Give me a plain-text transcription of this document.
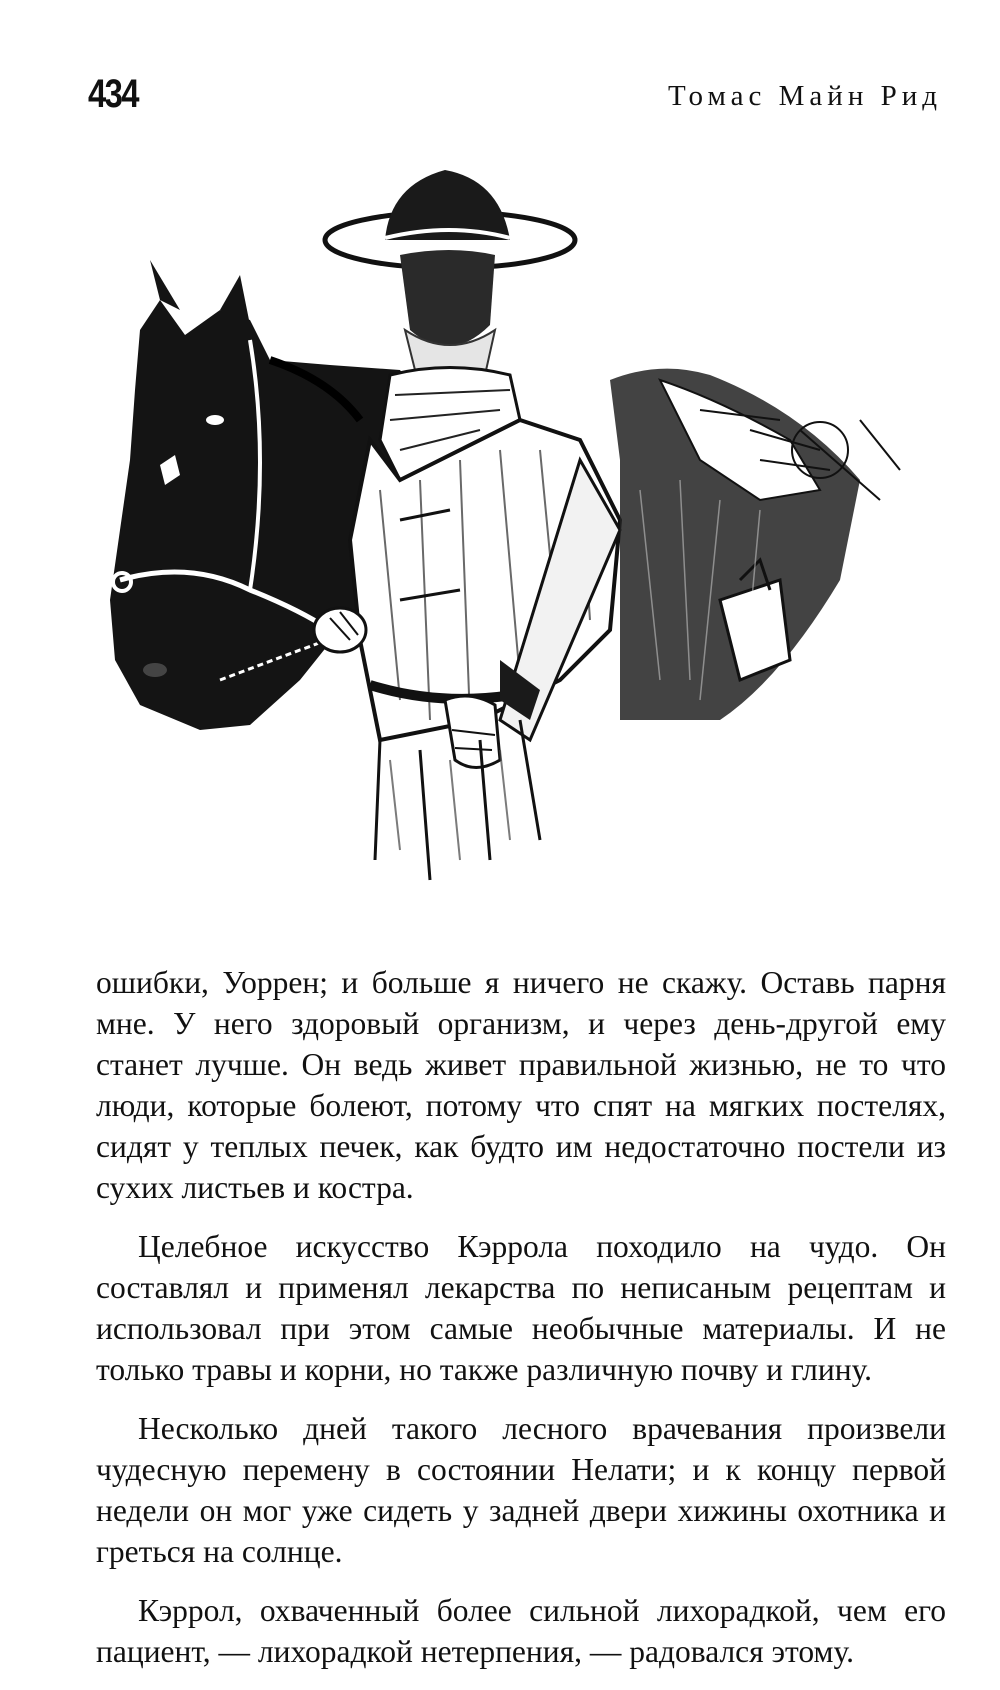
434	Томас Майн Рид

ошибки, Уоррен; и больше я ничего не скажу. Оставь парня мне. У него здоровый организм, и через день-другой ему станет лучше. Он ведь живет правильной жизнью, не то что люди, которые болеют, потому что спят на мягких постелях, сидят у теплых печек, как будто им недостаточно постели из сухих листьев и костра.

Целебное искусство Кэррола походило на чудо. Он составлял и применял лекарства по неписаным рецептам и использовал при этом самые необычные материалы. И не только травы и корни, но также различную почву и глину.

Несколько дней такого лесного врачевания произвели чудесную перемену в состоянии Нелати; и к концу первой недели он мог уже сидеть у задней двери хижины охотника и греться на солнце.

Кэррол, охваченный более сильной лихорадкой, чем его пациент, — лихорадкой нетерпения, — радовался этому.
